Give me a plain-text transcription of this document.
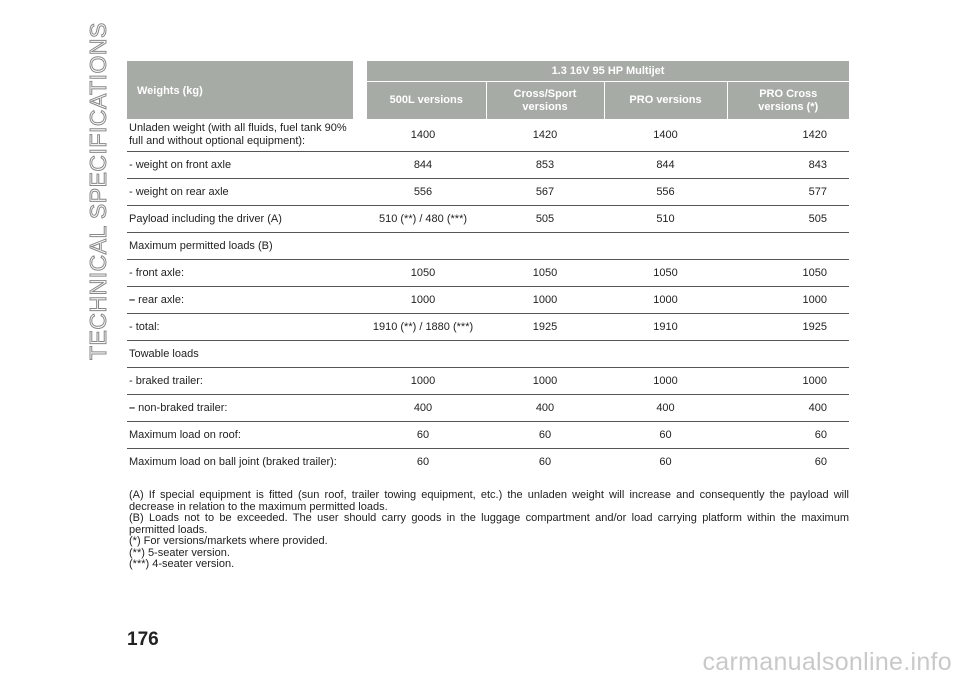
TECHNICAL SPECIFICATIONS Weights (kg)	1.3 16V 95 HP Multijet			
	500L versions	Cross/Sport versions	PRO versions	PRO Cross versions (*)

Unladen weight (with all fluids, fuel tank 90% full and without optional equipment):	1400	1420	1400	1420
- weight on front axle	844	853	844	843
- weight on rear axle	556	567	556	577
Payload including the driver (A)	510 (**) / 480 (***)	505	510	505
Maximum permitted loads (B)				
- front axle:	1050	1050	1050	1050
– rear axle:	1000	1000	1000	1000
- total:	1910 (**) / 1880 (***)	1925	1910	1925
Towable loads				
- braked trailer:	1000	1000	1000	1000
– non-braked trailer:	400	400	400	400
Maximum load on roof:	60	60	60	60
Maximum load on ball joint (braked trailer):	60	60	60	60

(A) If special equipment is fitted (sun roof, trailer towing equipment, etc.) the unladen weight will increase and consequently the payload will decrease in relation to the maximum permitted loads.

(B) Loads not to be exceeded. The user should carry goods in the luggage compartment and/or load carrying platform within the maximum permitted loads.

(*) For versions/markets where provided.

(**) 5-seater version.

(***) 4-seater version.

176
carmanualsonline.info
